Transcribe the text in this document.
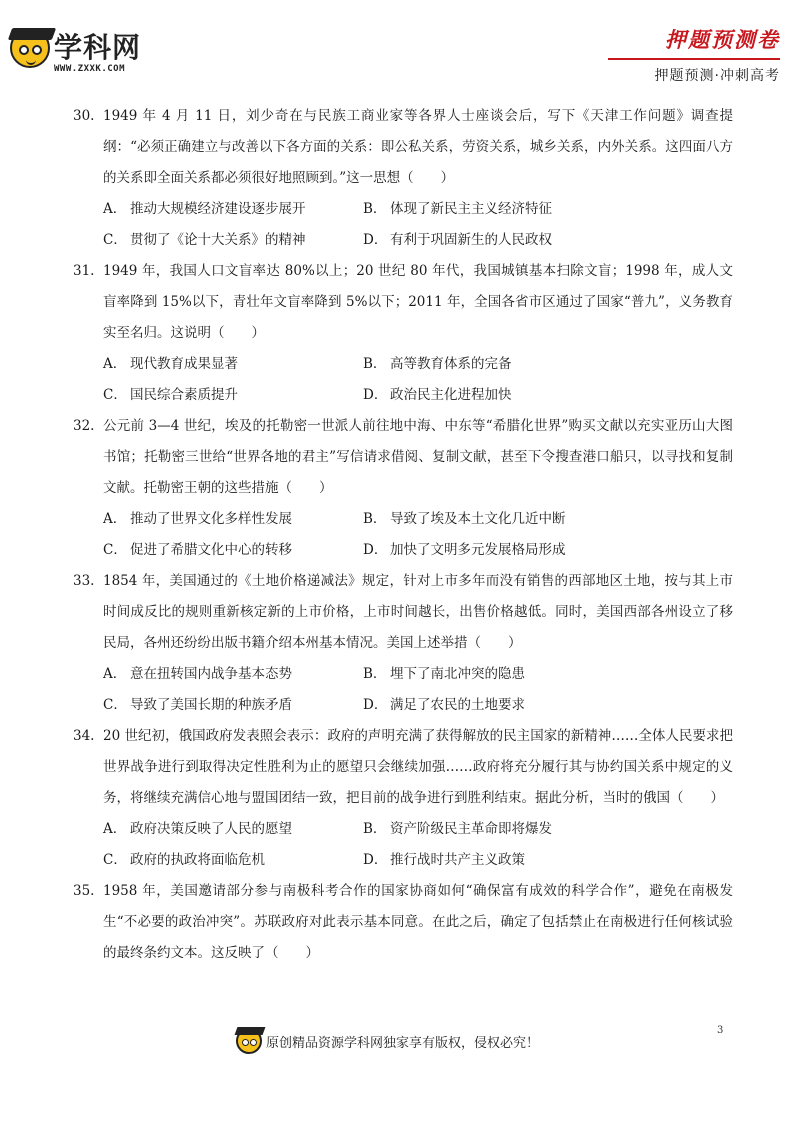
学科网
WWW.ZXXK.COM
押题预测卷
押题预测·冲刺高考
30. 1949 年 4 月 11 日，刘少奇在与民族工商业家等各界人士座谈会后，写下《天津工作问题》调查提纲：“必须正确建立与改善以下各方面的关系：即公私关系，劳资关系，城乡关系，内外关系。这四面八方的关系即全面关系都必须很好地照顾到。”这一思想（　　）
A． 推动大规模经济建设逐步展开	B． 体现了新民主主义经济特征
C． 贯彻了《论十大关系》的精神	D． 有利于巩固新生的人民政权
31. 1949 年，我国人口文盲率达 80%以上；20 世纪 80 年代，我国城镇基本扫除文盲；1998 年，成人文盲率降到 15%以下，青壮年文盲率降到 5%以下；2011 年，全国各省市区通过了国家“普九”，义务教育实至名归。这说明（　　）
A． 现代教育成果显著	B． 高等教育体系的完备
C． 国民综合素质提升	D． 政治民主化进程加快
32. 公元前 3—4 世纪，埃及的托勒密一世派人前往地中海、中东等“希腊化世界”购买文献以充实亚历山大图书馆；托勒密三世给“世界各地的君主”写信请求借阅、复制文献，甚至下令搜查港口船只，以寻找和复制文献。托勒密王朝的这些措施（　　）
A． 推动了世界文化多样性发展	B． 导致了埃及本土文化几近中断
C． 促进了希腊文化中心的转移	D． 加快了文明多元发展格局形成
33. 1854 年，美国通过的《土地价格递减法》规定，针对上市多年而没有销售的西部地区土地，按与其上市时间成反比的规则重新核定新的上市价格，上市时间越长，出售价格越低。同时，美国西部各州设立了移民局，各州还纷纷出版书籍介绍本州基本情况。美国上述举措（　　）
A． 意在扭转国内战争基本态势	B． 埋下了南北冲突的隐患
C． 导致了美国长期的种族矛盾	D． 满足了农民的土地要求
34. 20 世纪初，俄国政府发表照会表示：政府的声明充满了获得解放的民主国家的新精神……全体人民要求把世界战争进行到取得决定性胜利为止的愿望只会继续加强……政府将充分履行其与协约国关系中规定的义务，将继续充满信心地与盟国团结一致，把目前的战争进行到胜利结束。据此分析，当时的俄国（　　）
A． 政府决策反映了人民的愿望	B． 资产阶级民主革命即将爆发
C． 政府的执政将面临危机	D． 推行战时共产主义政策
35. 1958 年，美国邀请部分参与南极科考合作的国家协商如何“确保富有成效的科学合作”，避免在南极发生“不必要的政治冲突”。苏联政府对此表示基本同意。在此之后，确定了包括禁止在南极进行任何核试验的最终条约文本。这反映了（　　）
原创精品资源学科网独家享有版权，侵权必究！
3
